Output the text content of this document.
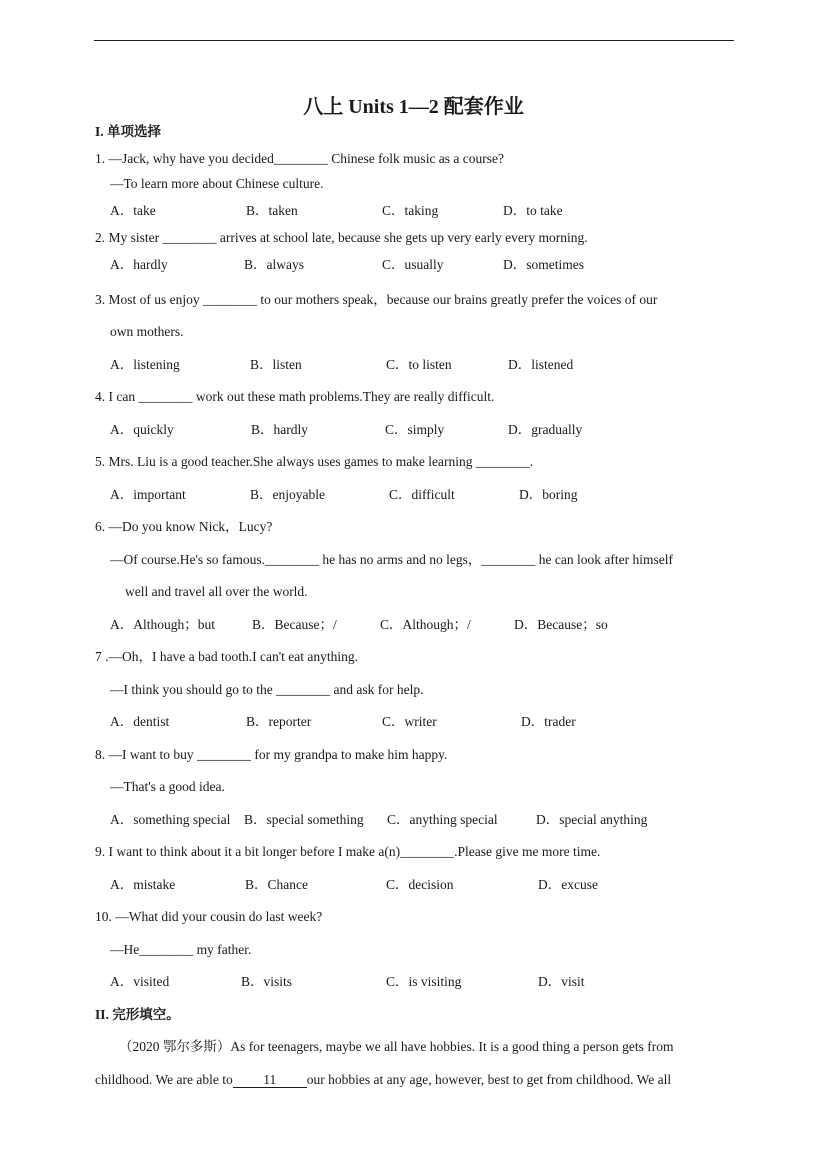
八上 Units 1—2 配套作业
I. 单项选择
1. —Jack, why have you decided________ Chinese folk music as a course?
—To learn more about Chinese culture.
A．take	B．taken	C．taking	D．to take
2. My sister ________ arrives at school late, because she gets up very early every morning.
A．hardly	B．always	C．usually	D．sometimes
3. Most of us enjoy ________ to our mothers speak，because our brains greatly prefer the voices of our
own mothers.
A．listening	B．listen	C．to listen	D．listened
4. I can ________ work out these math problems.They are really difficult.
A．quickly	B．hardly	C．simply	D．gradually
5. Mrs. Liu is a good teacher.She always uses games to make learning ________.
A．important	B．enjoyable	C．difficult	D．boring
6. —Do you know Nick，Lucy?
—Of course.He's so famous.________ he has no arms and no legs，________ he can look after himself
well and travel all over the world.
A．Although；but	B．Because；/	C．Although；/	D．Because；so
7 .—Oh，I have a bad tooth.I can't eat anything.
—I think you should go to the ________ and ask for help.
A．dentist	B．reporter	C．writer	D．trader
8. —I want to buy ________ for my grandpa to make him happy.
—That's a good idea.
A．something special B．special something C．anything special	D．special anything
9. I want to think about it a bit longer before I make a(n)________.Please give me more time.
A．mistake	B．Chance	C．decision	D．excuse
10. —What did your cousin do last week?
—He________ my father.
A．visited	B．visits	C．is visiting	D．visit
II. 完形填空。
（2020 鄂尔多斯）As for teenagers, maybe we all have hobbies. It is a good thing a person gets from
childhood. We are able to 11 our hobbies at any age, however, best to get from childhood. We all
